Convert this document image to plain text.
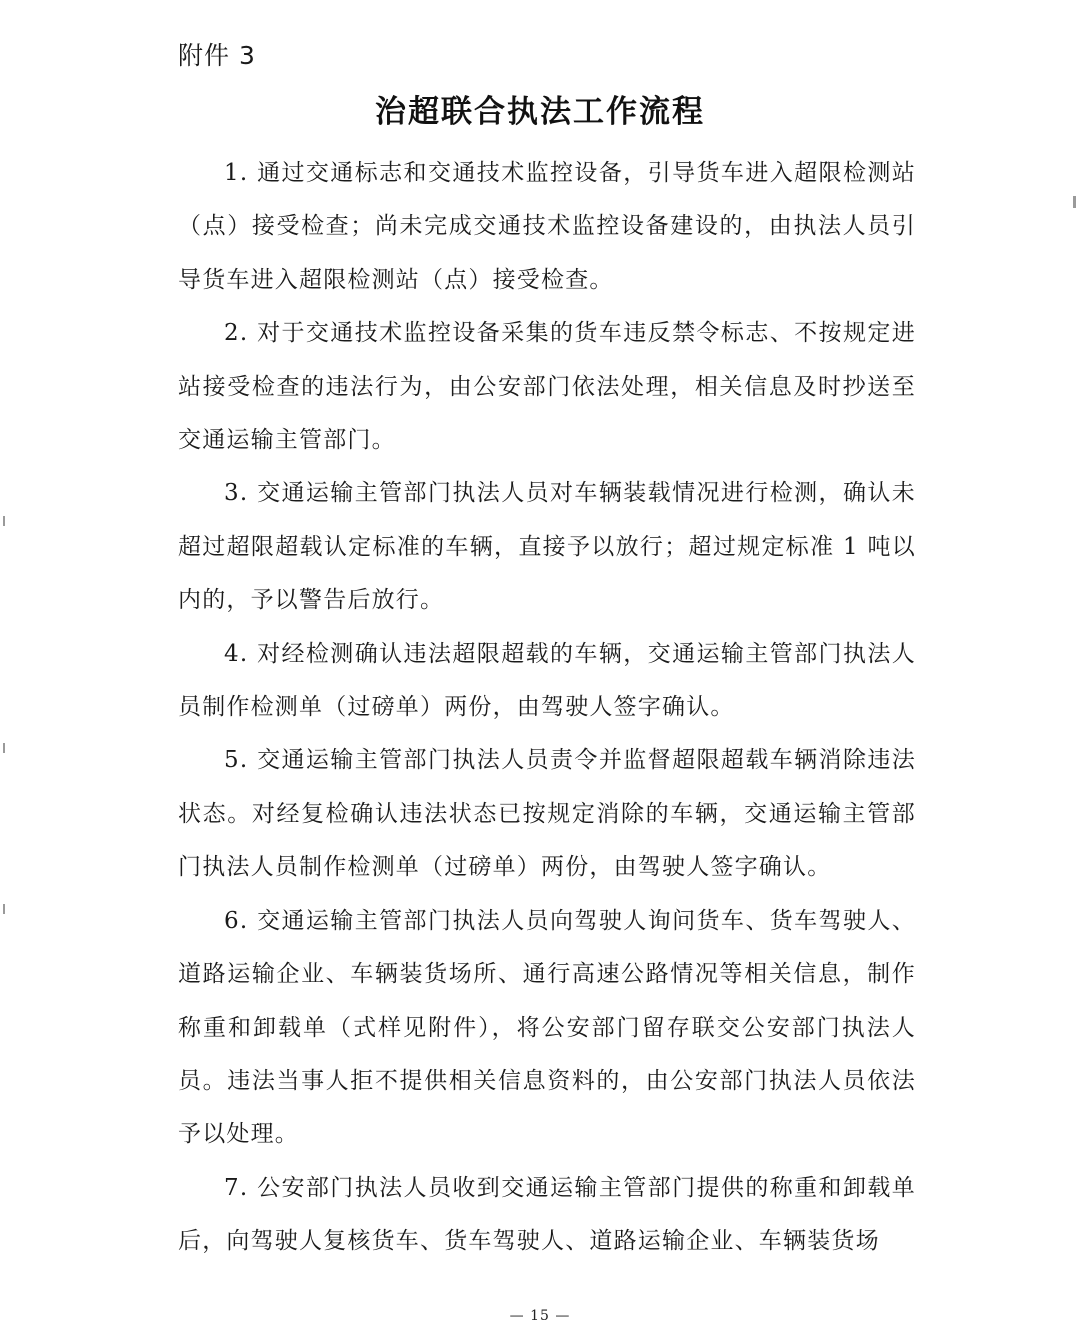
附件 3
治超联合执法工作流程

1. 通过交通标志和交通技术监控设备，引导货车进入超限检测站（点）接受检查；尚未完成交通技术监控设备建设的，由执法人员引导货车进入超限检测站（点）接受检查。

2. 对于交通技术监控设备采集的货车违反禁令标志、不按规定进站接受检查的违法行为，由公安部门依法处理，相关信息及时抄送至交通运输主管部门。

3. 交通运输主管部门执法人员对车辆装载情况进行检测，确认未超过超限超载认定标准的车辆，直接予以放行；超过规定标准 1 吨以内的，予以警告后放行。

4. 对经检测确认违法超限超载的车辆，交通运输主管部门执法人员制作检测单（过磅单）两份，由驾驶人签字确认。

5. 交通运输主管部门执法人员责令并监督超限超载车辆消除违法状态。对经复检确认违法状态已按规定消除的车辆，交通运输主管部门执法人员制作检测单（过磅单）两份，由驾驶人签字确认。

6. 交通运输主管部门执法人员向驾驶人询问货车、货车驾驶人、道路运输企业、车辆装货场所、通行高速公路情况等相关信息，制作称重和卸载单（式样见附件），将公安部门留存联交公安部门执法人员。违法当事人拒不提供相关信息资料的，由公安部门执法人员依法予以处理。

7. 公安部门执法人员收到交通运输主管部门提供的称重和卸载单后，向驾驶人复核货车、货车驾驶人、道路运输企业、车辆装货场

— 15 —
